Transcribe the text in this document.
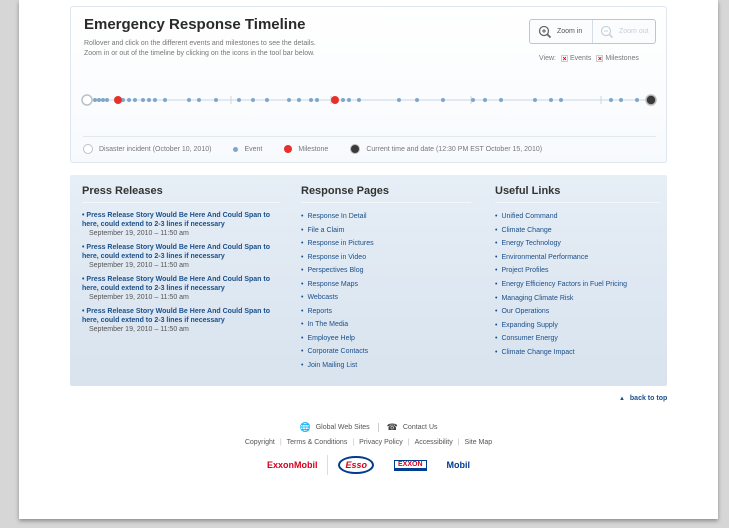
Emergency Response Timeline
Rollover and click on the different events and milestones to see the details.
Zoom in or out of the timeline by clicking on the icons in the tool bar below.
Zoom in	Zoom out
View: × Events × Milestones
Disaster incident (October 10, 2010)	Event	Milestone	Current time and date (12:30 PM EST October 15, 2010)
Press Releases
• Press Release Story Would Be Here And Could Span to here, could extend to 2-3 lines if necessary
September 19, 2010 – 11:50 am
• Press Release Story Would Be Here And Could Span to here, could extend to 2-3 lines if necessary
September 19, 2010 – 11:50 am
• Press Release Story Would Be Here And Could Span to here, could extend to 2-3 lines if necessary
September 19, 2010 – 11:50 am
• Press Release Story Would Be Here And Could Span to here, could extend to 2-3 lines if necessary
September 19, 2010 – 11:50 am
Response Pages
• Response In Detail
• File a Claim
• Response in Pictures
• Response in Video
• Perspectives Blog
• Response Maps
• Webcasts
• Reports
• In The Media
• Employee Help
• Corporate Contacts
• Join Mailing List
Useful Links
• Unified Command
• Climate Change
• Energy Technology
• Environmental Performance
• Project Profiles
• Energy Efficiency Factors in Fuel Pricing
• Managing Climate Risk
• Our Operations
• Expanding Supply
• Consumer Energy
• Climate Change Impact
▲ back to top
🌐 Global Web Sites ☎ Contact Us
Copyright | Terms & Conditions | Privacy Policy | Accessibility | Site Map
ExxonMobil	Esso	EXXON	Mobil
